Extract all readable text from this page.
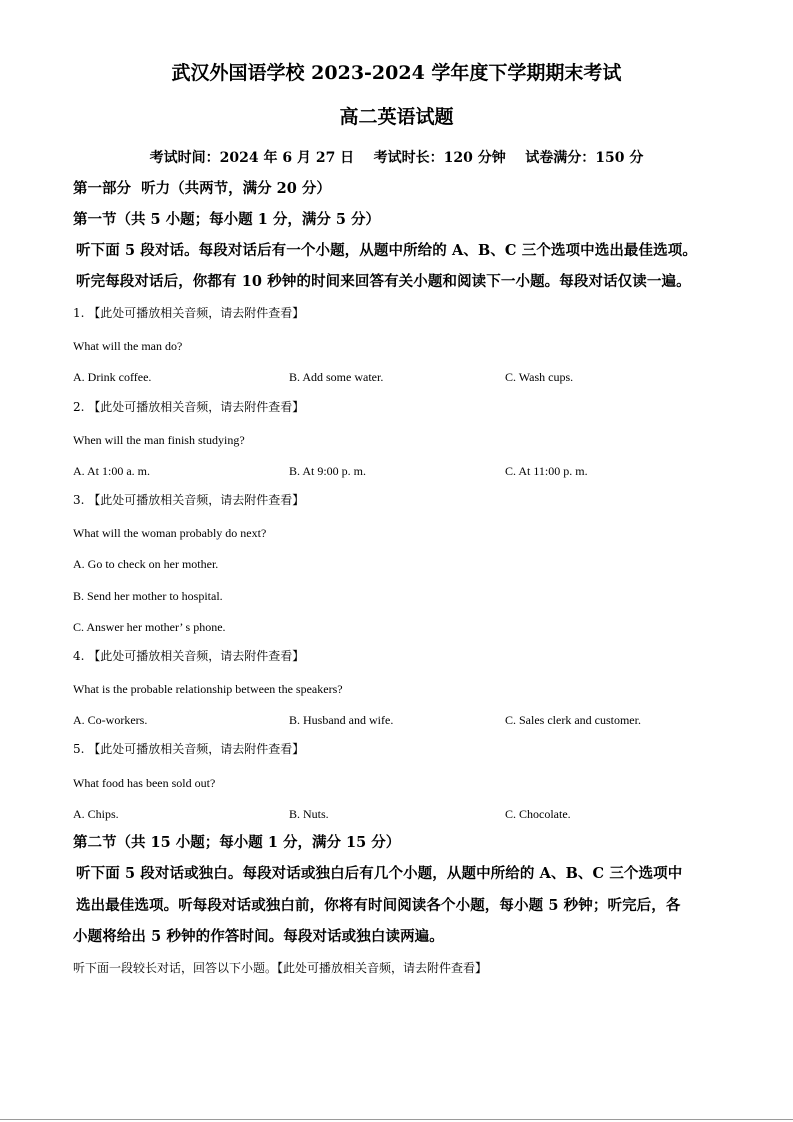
武汉外国语学校 2023-2024 学年度下学期期末考试
高二英语试题
考试时间：2024 年 6 月 27 日    考试时长：120 分钟    试卷满分：150 分
第一部分  听力（共两节，满分 20 分）
第一节（共 5 小题；每小题 1 分，满分 5 分）
听下面 5 段对话。每段对话后有一个小题，从题中所给的 A、B、C 三个选项中选出最佳选项。
听完每段对话后，你都有 10 秒钟的时间来回答有关小题和阅读下一小题。每段对话仅读一遍。
1. 【此处可播放相关音频，请去附件查看】
What will the man do?
A. Drink coffee.	B. Add some water.	C. Wash cups.
2. 【此处可播放相关音频，请去附件查看】
When will the man finish studying?
A. At 1:00 a. m.	B. At 9:00 p. m.	C. At 11:00 p. m.
3. 【此处可播放相关音频，请去附件查看】
What will the woman probably do next?
A. Go to check on her mother.
B. Send her mother to hospital.
C. Answer her mother’ s phone.
4. 【此处可播放相关音频，请去附件查看】
What is the probable relationship between the speakers?
A. Co-workers.	B. Husband and wife.	C. Sales clerk and customer.
5. 【此处可播放相关音频，请去附件查看】
What food has been sold out?
A. Chips.	B. Nuts.	C. Chocolate.
第二节（共 15 小题；每小题 1 分，满分 15 分）
听下面 5 段对话或独白。每段对话或独白后有几个小题，从题中所给的 A、B、C 三个选项中
选出最佳选项。听每段对话或独白前，你将有时间阅读各个小题，每小题 5 秒钟；听完后，各
小题将给出 5 秒钟的作答时间。每段对话或独白读两遍。
听下面一段较长对话，回答以下小题。【此处可播放相关音频，请去附件查看】
